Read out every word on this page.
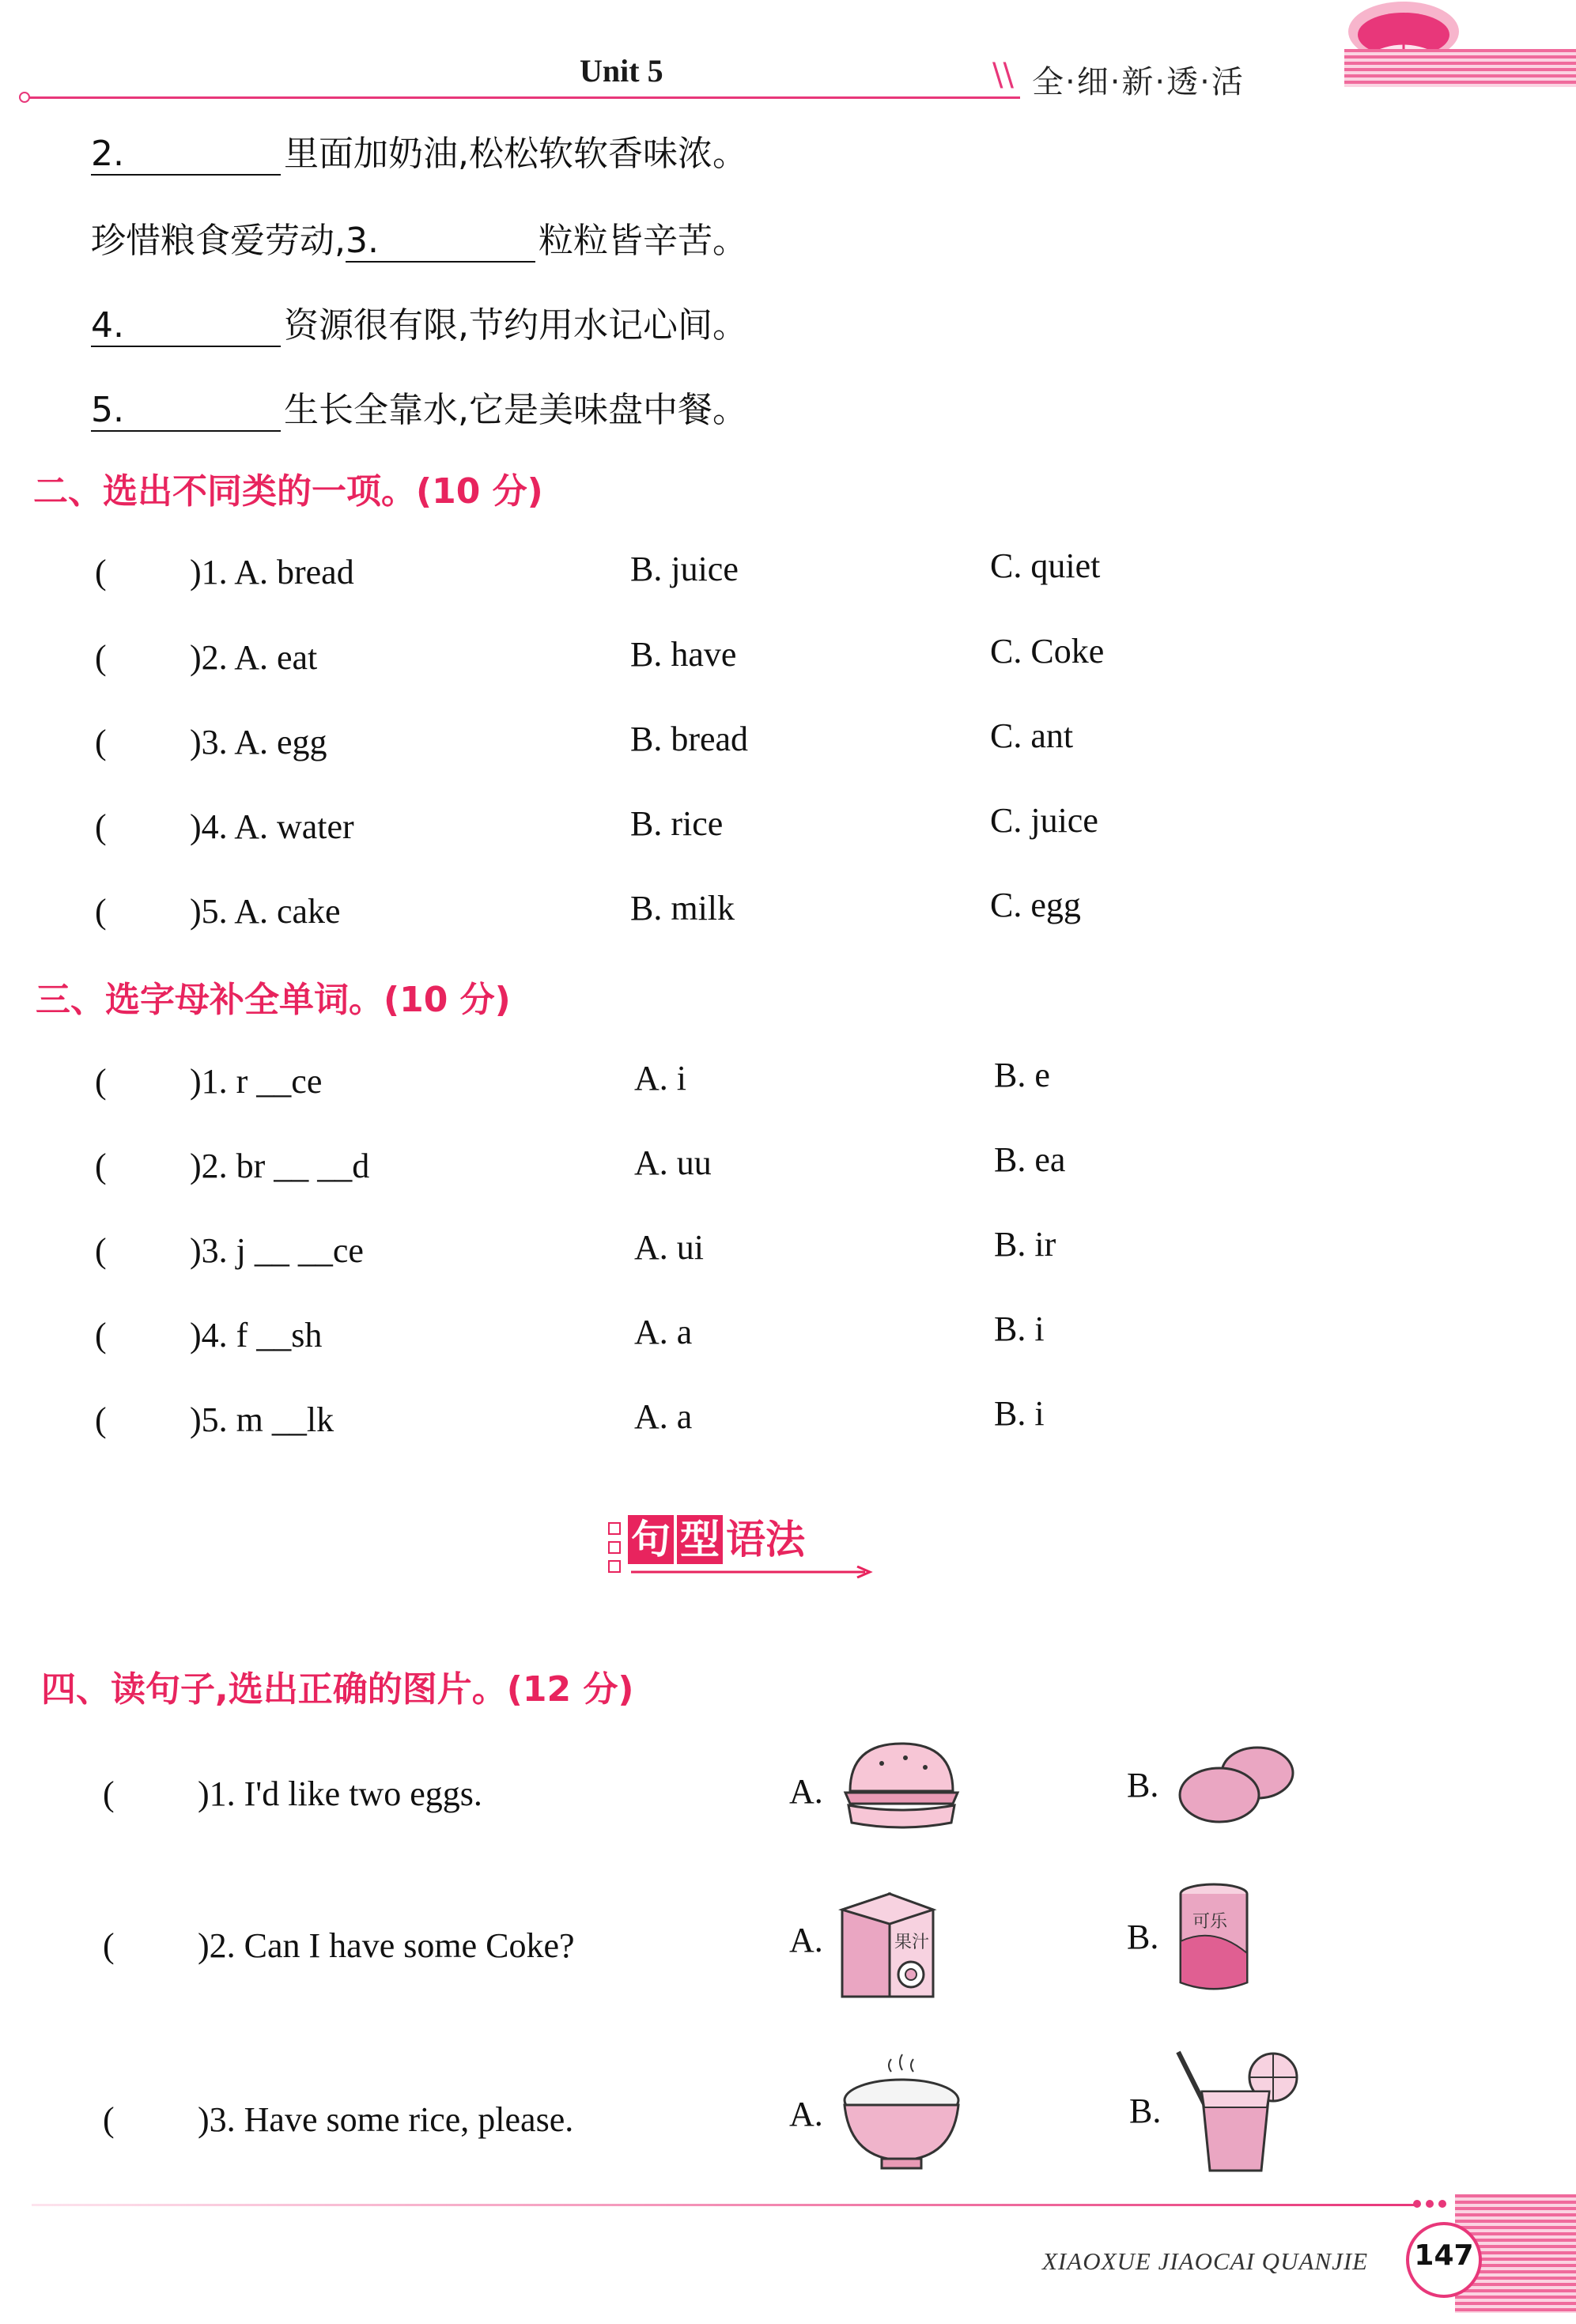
Unit 5	\\ 全·细·新·透·活
2.	里面加奶油,松松软软香味浓。
珍惜粮食爱劳动,3.	粒粒皆辛苦。
4.	资源很有限,节约用水记心间。
5.	生长全靠水,它是美味盘中餐。
二、选出不同类的一项。(10 分)
( )1. A. bread	B. juice	C. quiet
( )2. A. eat	B. have	C. Coke
( )3. A. egg	B. bread	C. ant
( )4. A. water	B. rice	C. juice
( )5. A. cake	B. milk	C. egg
三、选字母补全单词。(10 分)
( )1. r __ce	A. i	B. e
( )2. br __ __d	A. uu	B. ea
( )3. j __ __ce	A. ui	B. ir
( )4. f __sh	A. a	B. i
( )5. m __lk	A. a	B. i
句 型 语法
四、读句子,选出正确的图片。(12 分)
( )1. I'd like two eggs.	A.	B.
( )2. Can I have some Coke?	A.	果汁	B. 可乐
( )3. Have some rice, please.	A.	B.
XIAOXUE JIAOCAI QUANJIE 147
